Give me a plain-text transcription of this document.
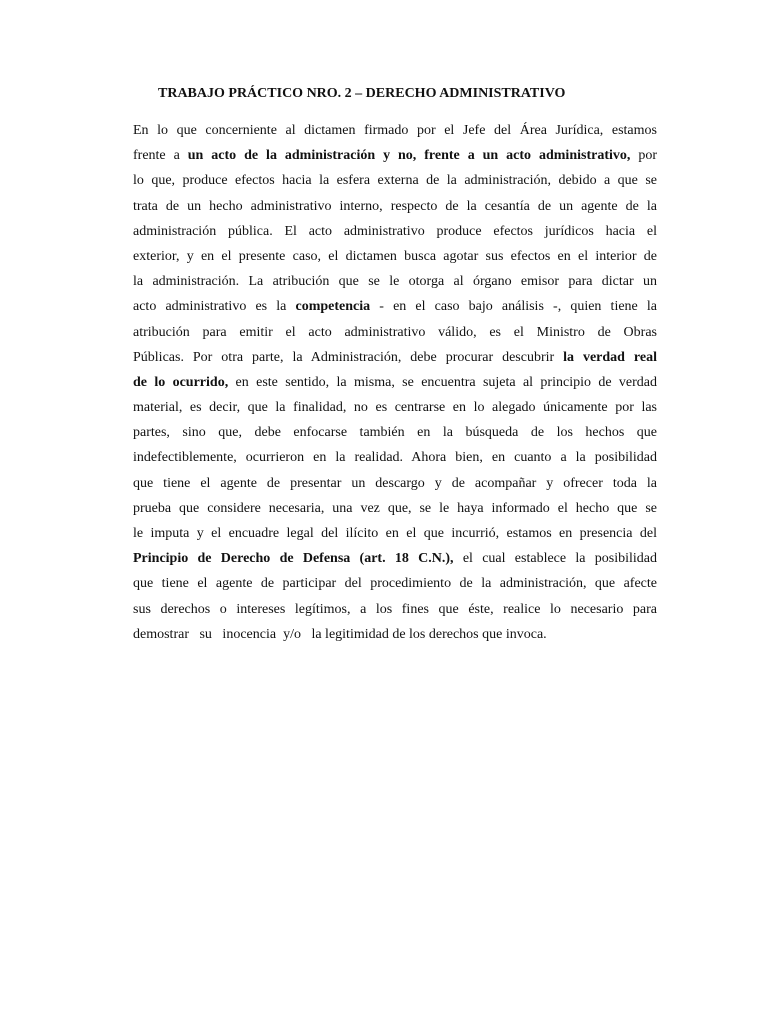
TRABAJO PRÁCTICO NRO. 2 – DERECHO ADMINISTRATIVO
En lo que concerniente al dictamen firmado por el Jefe del Área Jurídica, estamos
frente a un acto de la administración y no, frente a un acto administrativo, por
lo que, produce efectos hacia la esfera externa de la administración, debido a que se
trata de un hecho administrativo interno, respecto de la cesantía de un agente de la
administración pública. El acto administrativo produce efectos jurídicos hacia el
exterior, y en el presente caso, el dictamen busca agotar sus efectos en el interior de
la administración. La atribución que se le otorga al órgano emisor para dictar un
acto administrativo es la competencia - en el caso bajo análisis -, quien tiene la
atribución para emitir el acto administrativo válido, es el Ministro de Obras
Públicas. Por otra parte, la Administración, debe procurar descubrir la verdad real
de lo ocurrido, en este sentido, la misma, se encuentra sujeta al principio de verdad
material, es decir, que la finalidad, no es centrarse en lo alegado únicamente por las
partes, sino que, debe enfocarse también en la búsqueda de los hechos que
indefectiblemente, ocurrieron en la realidad. Ahora bien, en cuanto a la posibilidad
que tiene el agente de presentar un descargo y de acompañar y ofrecer toda la
prueba que considere necesaria, una vez que, se le haya informado el hecho que se
le imputa y el encuadre legal del ilícito en el que incurrió, estamos en presencia del
Principio de Derecho de Defensa (art. 18 C.N.), el cual establece la posibilidad
que tiene el agente de participar del procedimiento de la administración, que afecte
sus derechos o intereses legítimos, a los fines que éste, realice lo necesario para
demostrar   su   inocencia  y/o   la legitimidad de los derechos que invoca.
